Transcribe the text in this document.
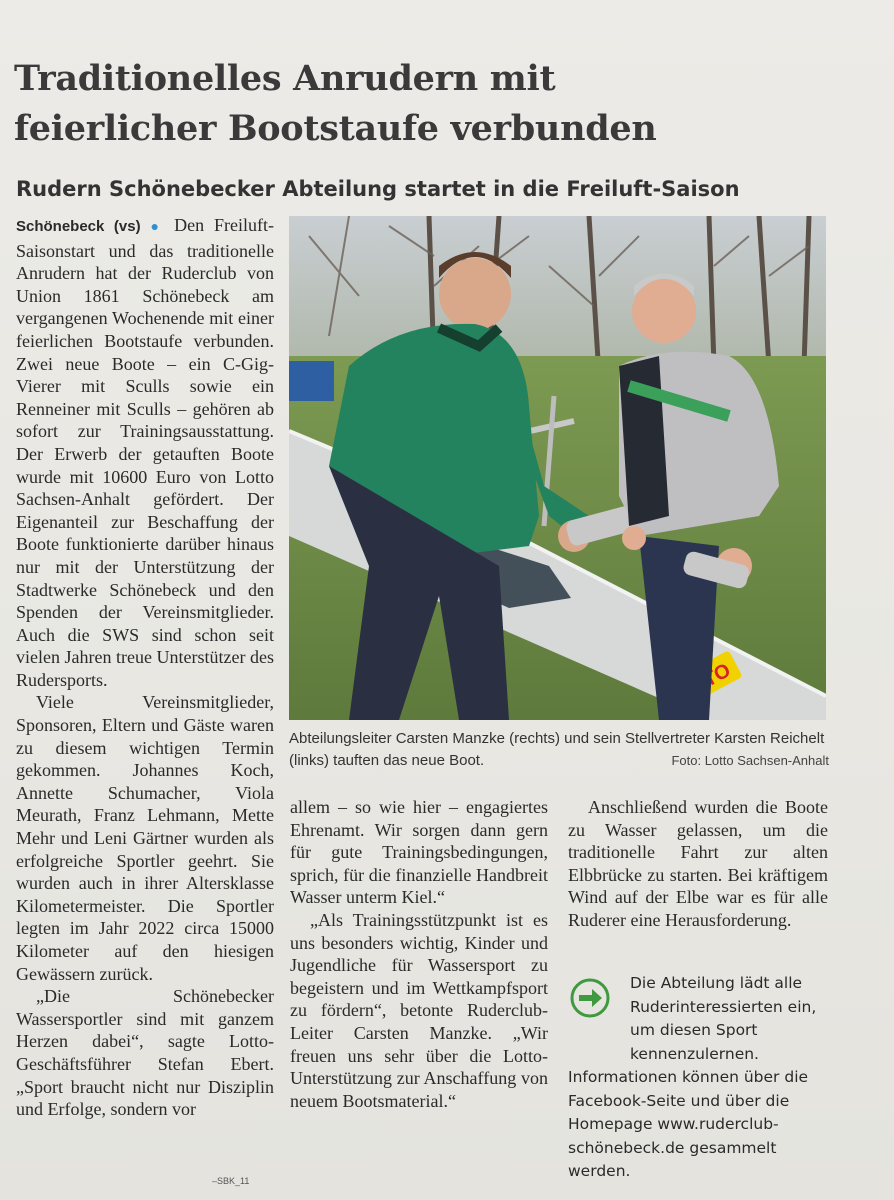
Traditionelles Anrudern mit
feierlicher Bootstaufe verbunden
Rudern Schönebecker Abteilung startet in die Freiluft-Saison

Schönebeck (vs) ● Den Freiluft-Saisonstart und das traditionelle Anrudern hat der Ruderclub von Union 1861 Schönebeck am vergangenen Wochenende mit einer feierlichen Bootstaufe verbunden. Zwei neue Boote – ein C-Gig-Vierer mit Sculls sowie ein Renneiner mit Sculls – gehören ab sofort zur Trainingsausstattung. Der Erwerb der getauften Boote wurde mit 10600 Euro von Lotto Sachsen-Anhalt gefördert. Der Eigenanteil zur Beschaffung der Boote funktionierte darüber hinaus nur mit der Unterstützung der Stadtwerke Schönebeck und den Spenden der Vereinsmitglieder. Auch die SWS sind schon seit vielen Jahren treue Unterstützer des Rudersports.

Viele Vereinsmitglieder, Sponsoren, Eltern und Gäste waren zu diesem wichtigen Termin gekommen. Johannes Koch, Annette Schumacher, Viola Meurath, Franz Lehmann, Mette Mehr und Leni Gärtner wurden als erfolgreiche Sportler geehrt. Sie wurden auch in ihrer Altersklasse Kilometermeister. Die Sportler legten im Jahr 2022 circa 15000 Kilometer auf den hiesigen Gewässern zurück.

„Die Schönebecker Wassersportler sind mit ganzem Herzen dabei“, sagte Lotto-Geschäftsführer Stefan Ebert. „Sport braucht nicht nur Disziplin und Erfolge, sondern vor

Abteilungsleiter Carsten Manzke (rechts) und sein Stellvertreter Karsten Reichelt (links) tauften das neue Boot.	Foto: Lotto Sachsen-Anhalt

allem – so wie hier – engagiertes Ehrenamt. Wir sorgen dann gern für gute Trainingsbedingungen, sprich, für die finanzielle Handbreit Wasser unterm Kiel.“

„Als Trainingsstützpunkt ist es uns besonders wichtig, Kinder und Jugendliche für Wassersport zu begeistern und im Wettkampfsport zu fördern“, betonte Ruderclub-Leiter Carsten Manzke. „Wir freuen uns sehr über die Lotto-Unterstützung zur Anschaffung von neuem Bootsmaterial.“

Anschließend wurden die Boote zu Wasser gelassen, um die traditionelle Fahrt zur alten Elbbrücke zu starten. Bei kräftigem Wind auf der Elbe war es für alle Ruderer eine Herausforderung.

Die Abteilung lädt alle Ruderinteressierten ein, um diesen Sport kennenzulernen.
Informationen können über die Facebook-Seite und über die Homepage www.ruderclub-schönebeck.de gesammelt werden.
–SBK_11
